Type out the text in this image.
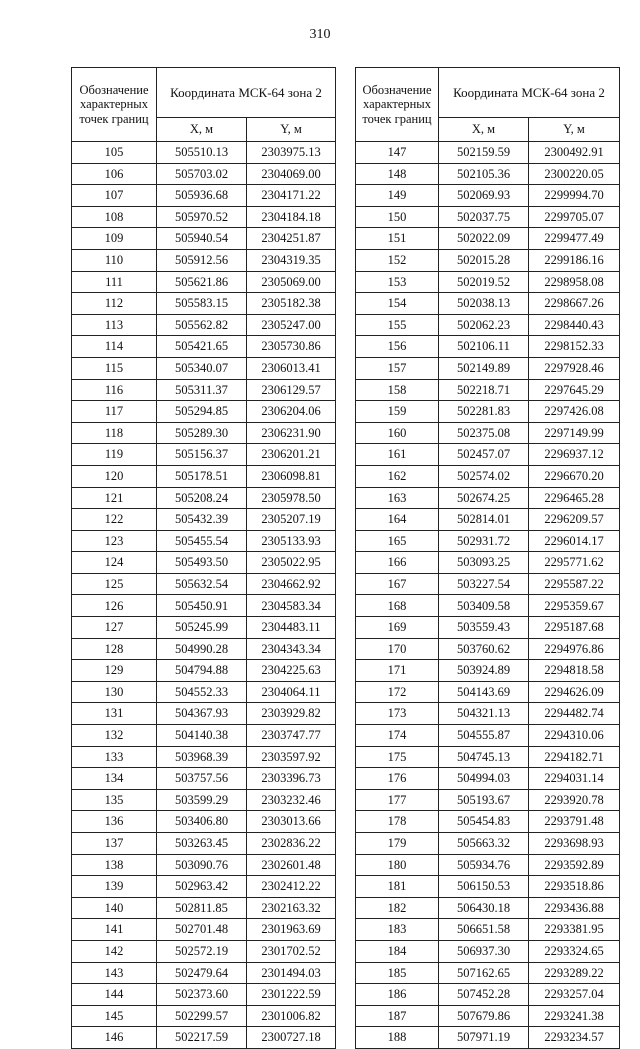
310
Обозначение характерных точек границ	Координата МСК-64 зона 2	
	X, м	Y, м
105	505510.13	2303975.13
106	505703.02	2304069.00
107	505936.68	2304171.22
108	505970.52	2304184.18
109	505940.54	2304251.87
110	505912.56	2304319.35
111	505621.86	2305069.00
112	505583.15	2305182.38
113	505562.82	2305247.00
114	505421.65	2305730.86
115	505340.07	2306013.41
116	505311.37	2306129.57
117	505294.85	2306204.06
118	505289.30	2306231.90
119	505156.37	2306201.21
120	505178.51	2306098.81
121	505208.24	2305978.50
122	505432.39	2305207.19
123	505455.54	2305133.93
124	505493.50	2305022.95
125	505632.54	2304662.92
126	505450.91	2304583.34
127	505245.99	2304483.11
128	504990.28	2304343.34
129	504794.88	2304225.63
130	504552.33	2304064.11
131	504367.93	2303929.82
132	504140.38	2303747.77
133	503968.39	2303597.92
134	503757.56	2303396.73
135	503599.29	2303232.46
136	503406.80	2303013.66
137	503263.45	2302836.22
138	503090.76	2302601.48
139	502963.42	2302412.22
140	502811.85	2302163.32
141	502701.48	2301963.69
142	502572.19	2301702.52
143	502479.64	2301494.03
144	502373.60	2301222.59
145	502299.57	2301006.82
146	502217.59	2300727.18
Обозначение характерных точек границ	Координата МСК-64 зона 2	
	X, м	Y, м
147	502159.59	2300492.91
148	502105.36	2300220.05
149	502069.93	2299994.70
150	502037.75	2299705.07
151	502022.09	2299477.49
152	502015.28	2299186.16
153	502019.52	2298958.08
154	502038.13	2298667.26
155	502062.23	2298440.43
156	502106.11	2298152.33
157	502149.89	2297928.46
158	502218.71	2297645.29
159	502281.83	2297426.08
160	502375.08	2297149.99
161	502457.07	2296937.12
162	502574.02	2296670.20
163	502674.25	2296465.28
164	502814.01	2296209.57
165	502931.72	2296014.17
166	503093.25	2295771.62
167	503227.54	2295587.22
168	503409.58	2295359.67
169	503559.43	2295187.68
170	503760.62	2294976.86
171	503924.89	2294818.58
172	504143.69	2294626.09
173	504321.13	2294482.74
174	504555.87	2294310.06
175	504745.13	2294182.71
176	504994.03	2294031.14
177	505193.67	2293920.78
178	505454.83	2293791.48
179	505663.32	2293698.93
180	505934.76	2293592.89
181	506150.53	2293518.86
182	506430.18	2293436.88
183	506651.58	2293381.95
184	506937.30	2293324.65
185	507162.65	2293289.22
186	507452.28	2293257.04
187	507679.86	2293241.38
188	507971.19	2293234.57
